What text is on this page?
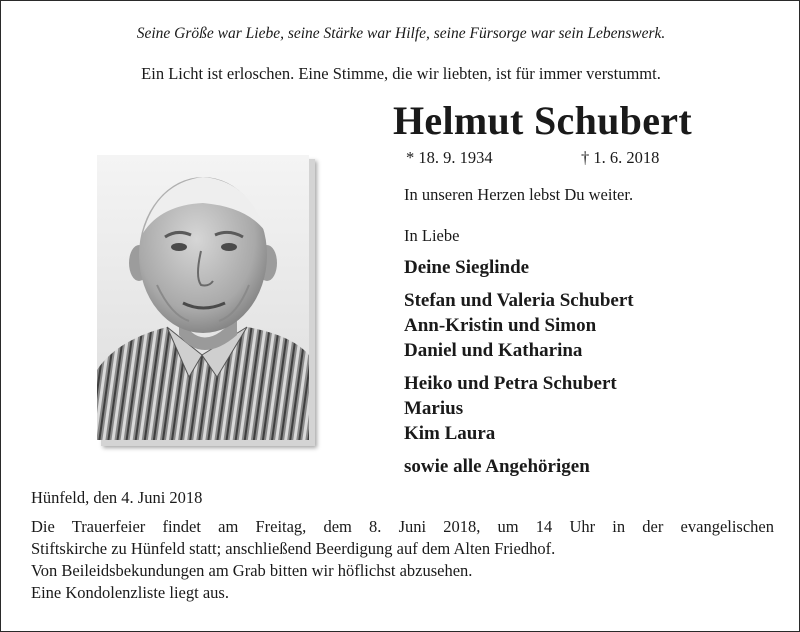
Seine Größe war Liebe, seine Stärke war Hilfe, seine Fürsorge war sein Lebenswerk.
Ein Licht ist erloschen. Eine Stimme, die wir liebten, ist für immer verstummt.
Helmut Schubert
* 18. 9. 1934	† 1. 6. 2018
In unseren Herzen lebst Du weiter.
In Liebe
Deine Sieglinde
Stefan und Valeria Schubert
Ann-Kristin und Simon
Daniel und Katharina
Heiko und Petra Schubert
Marius
Kim Laura
sowie alle Angehörigen
Hünfeld, den 4. Juni 2018
Die Trauerfeier findet am Freitag, dem 8. Juni 2018, um 14 Uhr in der evangelischen
Stiftskirche zu Hünfeld statt; anschließend Beerdigung auf dem Alten Friedhof.
Von Beileidsbekundungen am Grab bitten wir höflichst abzusehen.
Eine Kondolenzliste liegt aus.
